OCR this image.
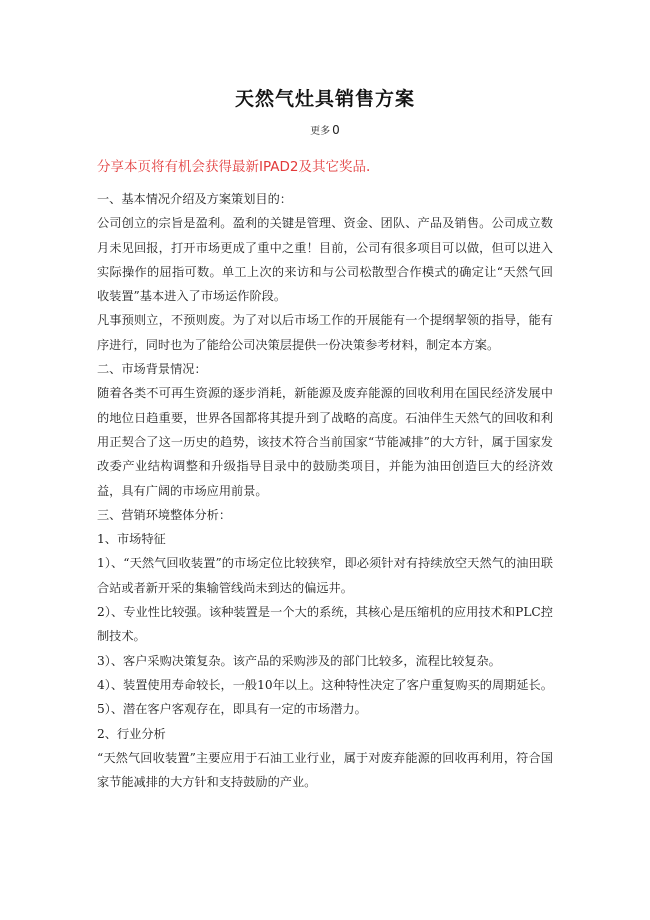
天然气灶具销售方案
更多 0
分享本页将有机会获得最新IPAD2及其它奖品.

一、基本情况介绍及方案策划目的：

公司创立的宗旨是盈利。盈利的关键是管理、资金、团队、产品及销售。公司成立数月未见回报，打开市场更成了重中之重！目前，公司有很多项目可以做，但可以进入实际操作的屈指可数。单工上次的来访和与公司松散型合作模式的确定让“天然气回收装置”基本进入了市场运作阶段。

凡事预则立，不预则废。为了对以后市场工作的开展能有一个提纲挈领的指导，能有序进行，同时也为了能给公司决策层提供一份决策参考材料，制定本方案。

二、市场背景情况：

随着各类不可再生资源的逐步消耗，新能源及废弃能源的回收利用在国民经济发展中的地位日趋重要，世界各国都将其提升到了战略的高度。石油伴生天然气的回收和利用正契合了这一历史的趋势，该技术符合当前国家“节能减排”的大方针，属于国家发改委产业结构调整和升级指导目录中的鼓励类项目，并能为油田创造巨大的经济效益，具有广阔的市场应用前景。

三、营销环境整体分析：

1、市场特征

1）、“天然气回收装置”的市场定位比较狭窄，即必须针对有持续放空天然气的油田联合站或者新开采的集输管线尚未到达的偏远井。

2）、专业性比较强。该种装置是一个大的系统，其核心是压缩机的应用技术和PLC控制技术。

3）、客户采购决策复杂。该产品的采购涉及的部门比较多，流程比较复杂。

4）、装置使用寿命较长，一般10年以上。这种特性决定了客户重复购买的周期延长。

5）、潜在客户客观存在，即具有一定的市场潜力。

2、行业分析

“天然气回收装置”主要应用于石油工业行业，属于对废弃能源的回收再利用，符合国家节能减排的大方针和支持鼓励的产业。
